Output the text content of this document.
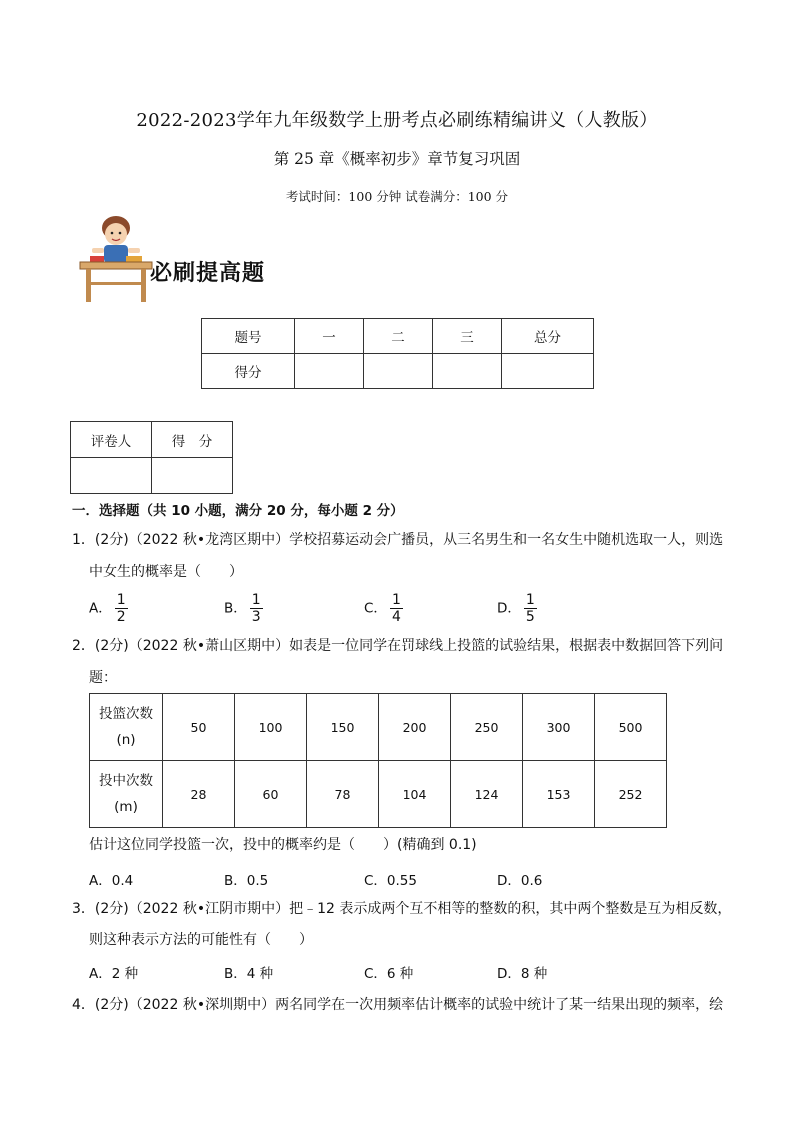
2022-2023学年九年级数学上册考点必刷练精编讲义（人教版）
第 25 章《概率初步》章节复习巩固
考试时间：100 分钟 试卷满分：100 分
必刷提高题
题号	一	二	三	总分
得分				
评卷人	得　分

一．选择题（共 10 小题，满分 20 分，每小题 2 分）
1．(2分)（2022 秋•龙湾区期中）学校招募运动会广播员，从三名男生和一名女生中随机选取一人，则选
中女生的概率是（　　）
A． $\frac{1}{2}$	B． $\frac{1}{3}$	C． $\frac{1}{4}$	D． $\frac{1}{5}$
2．(2分)（2022 秋•萧山区期中）如表是一位同学在罚球线上投篮的试验结果，根据表中数据回答下列问
题：
投篮次数
(n)	50	100	150	200	250	300	500

投中次数
(m)	28	60	78	104	124	153	252
估计这位同学投篮一次，投中的概率约是（　　）(精确到 0.1)
A．0.4	B．0.5	C．0.55	D．0.6
3．(2分)（2022 秋•江阴市期中）把﹣12 表示成两个互不相等的整数的积，其中两个整数是互为相反数，
则这种表示方法的可能性有（　　）
A．2 种	B．4 种	C．6 种	D．8 种
4．(2分)（2022 秋•深圳期中）两名同学在一次用频率估计概率的试验中统计了某一结果出现的频率，绘
